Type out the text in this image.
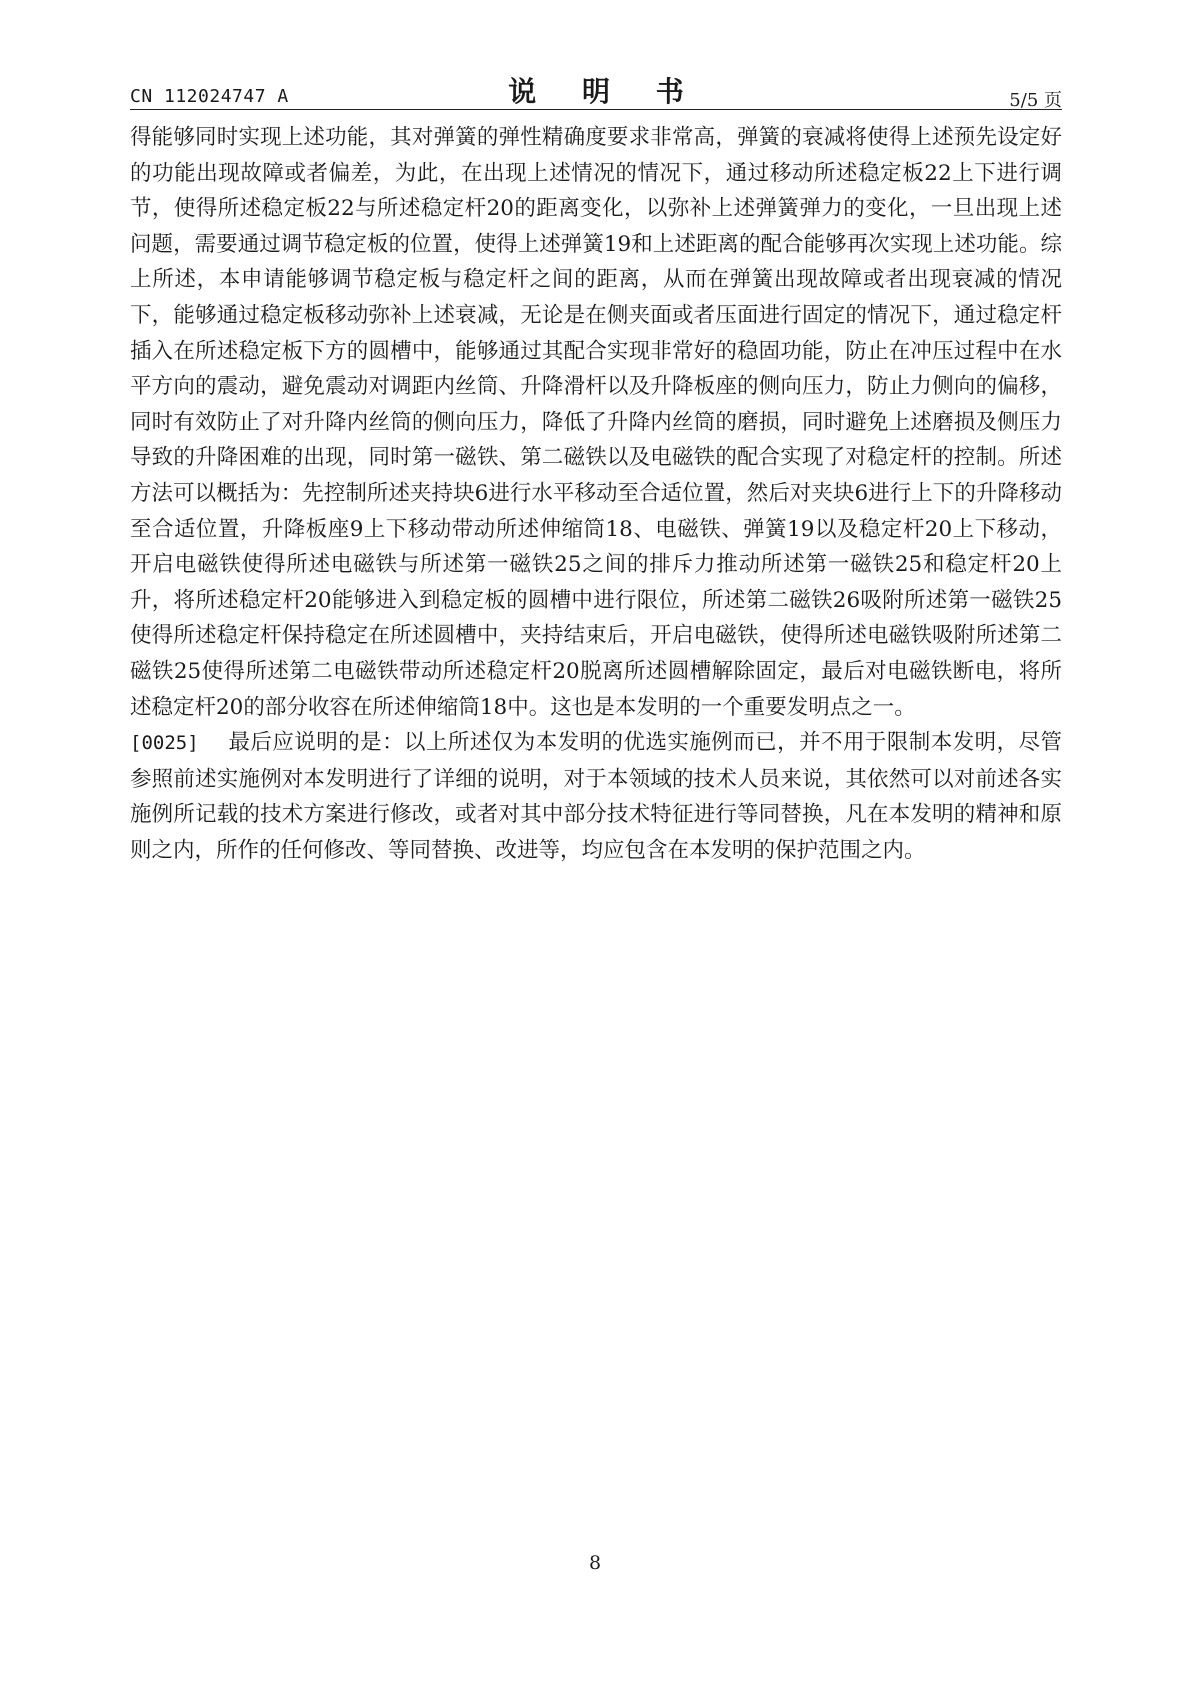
CN 112024747 A	说 明 书	5/5 页

得能够同时实现上述功能，其对弹簧的弹性精确度要求非常高，弹簧的衰减将使得上述预先设定好的功能出现故障或者偏差，为此，在出现上述情况的情况下，通过移动所述稳定板22上下进行调节，使得所述稳定板22与所述稳定杆20的距离变化，以弥补上述弹簧弹力的变化，一旦出现上述问题，需要通过调节稳定板的位置，使得上述弹簧19和上述距离的配合能够再次实现上述功能。综上所述，本申请能够调节稳定板与稳定杆之间的距离，从而在弹簧出现故障或者出现衰减的情况下，能够通过稳定板移动弥补上述衰减，无论是在侧夹面或者压面进行固定的情况下，通过稳定杆插入在所述稳定板下方的圆槽中，能够通过其配合实现非常好的稳固功能，防止在冲压过程中在水平方向的震动，避免震动对调距内丝筒、升降滑杆以及升降板座的侧向压力，防止力侧向的偏移，同时有效防止了对升降内丝筒的侧向压力，降低了升降内丝筒的磨损，同时避免上述磨损及侧压力导致的升降困难的出现，同时第一磁铁、第二磁铁以及电磁铁的配合实现了对稳定杆的控制。所述方法可以概括为：先控制所述夹持块6进行水平移动至合适位置，然后对夹块6进行上下的升降移动至合适位置，升降板座9上下移动带动所述伸缩筒18、电磁铁、弹簧19以及稳定杆20上下移动，开启电磁铁使得所述电磁铁与所述第一磁铁25之间的排斥力推动所述第一磁铁25和稳定杆20上升，将所述稳定杆20能够进入到稳定板的圆槽中进行限位，所述第二磁铁26吸附所述第一磁铁25使得所述稳定杆保持稳定在所述圆槽中，夹持结束后，开启电磁铁，使得所述电磁铁吸附所述第二磁铁25使得所述第二电磁铁带动所述稳定杆20脱离所述圆槽解除固定，最后对电磁铁断电，将所述稳定杆20的部分收容在所述伸缩筒18中。这也是本发明的一个重要发明点之一。

[0025] 最后应说明的是：以上所述仅为本发明的优选实施例而已，并不用于限制本发明，尽管参照前述实施例对本发明进行了详细的说明，对于本领域的技术人员来说，其依然可以对前述各实施例所记载的技术方案进行修改，或者对其中部分技术特征进行等同替换，凡在本发明的精神和原则之内，所作的任何修改、等同替换、改进等，均应包含在本发明的保护范围之内。

8
